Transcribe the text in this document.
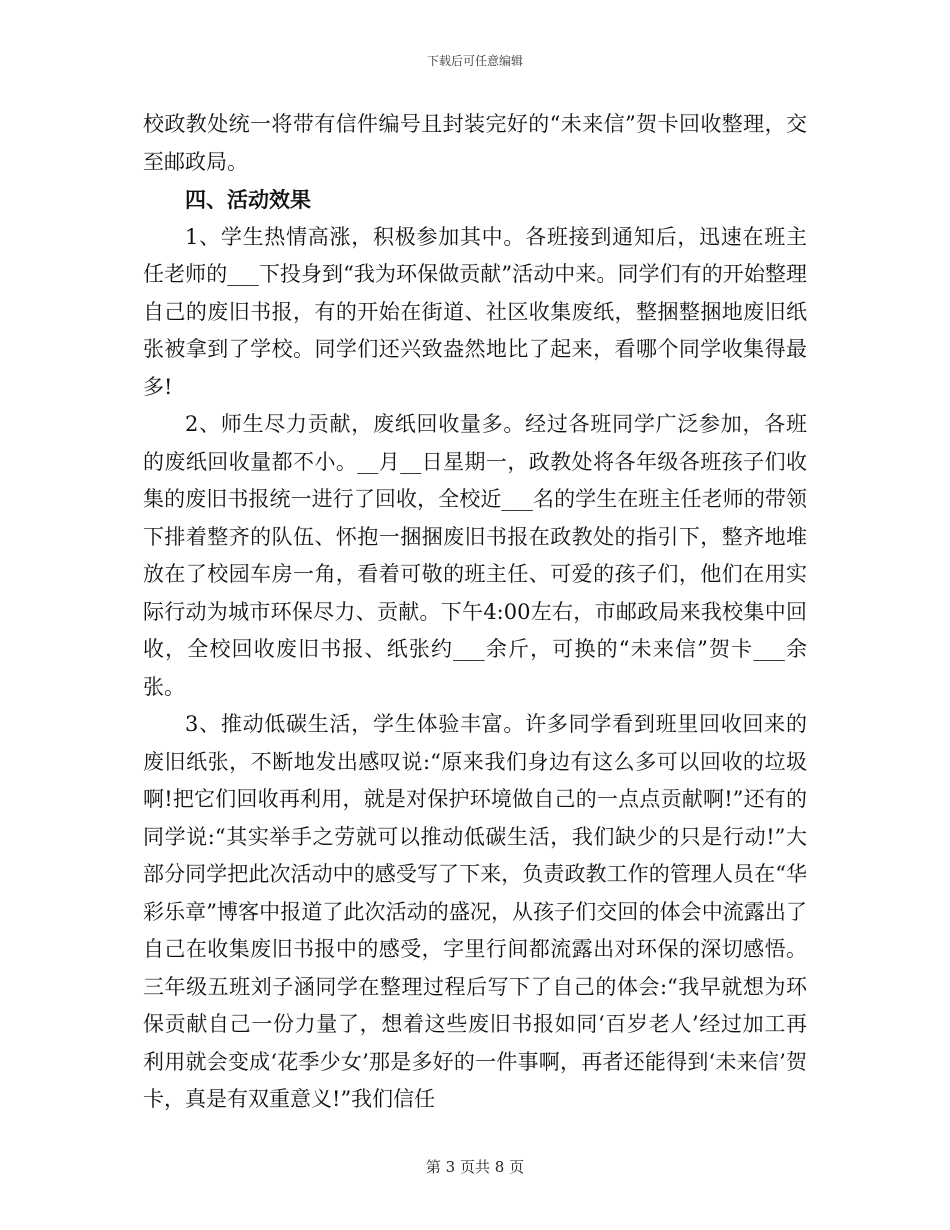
下载后可任意编辑

校政教处统一将带有信件编号且封装完好的“未来信”贺卡回收整理，交至邮政局。

四、活动效果

1、学生热情高涨，积极参加其中。各班接到通知后，迅速在班主任老师的___下投身到“我为环保做贡献”活动中来。同学们有的开始整理自己的废旧书报，有的开始在街道、社区收集废纸，整捆整捆地废旧纸张被拿到了学校。同学们还兴致盎然地比了起来，看哪个同学收集得最多!

2、师生尽力贡献，废纸回收量多。经过各班同学广泛参加，各班的废纸回收量都不小。__月__日星期一，政教处将各年级各班孩子们收集的废旧书报统一进行了回收，全校近___名的学生在班主任老师的带领下排着整齐的队伍、怀抱一捆捆废旧书报在政教处的指引下，整齐地堆放在了校园车房一角，看着可敬的班主任、可爱的孩子们，他们在用实际行动为城市环保尽力、贡献。下午4:00左右，市邮政局来我校集中回收，全校回收废旧书报、纸张约___余斤，可换的“未来信”贺卡___余张。

3、推动低碳生活，学生体验丰富。许多同学看到班里回收回来的废旧纸张，不断地发出感叹说:“原来我们身边有这么多可以回收的垃圾啊!把它们回收再利用，就是对保护环境做自己的一点点贡献啊!”还有的同学说:“其实举手之劳就可以推动低碳生活，我们缺少的只是行动!”大部分同学把此次活动中的感受写了下来，负责政教工作的管理人员在“华彩乐章”博客中报道了此次活动的盛况，从孩子们交回的体会中流露出了自己在收集废旧书报中的感受，字里行间都流露出对环保的深切感悟。三年级五班刘子涵同学在整理过程后写下了自己的体会:“我早就想为环保贡献自己一份力量了，想着这些废旧书报如同‘百岁老人’经过加工再利用就会变成‘花季少女’那是多好的一件事啊，再者还能得到‘未来信’贺卡，真是有双重意义!”我们信任

第 3 页共 8 页
